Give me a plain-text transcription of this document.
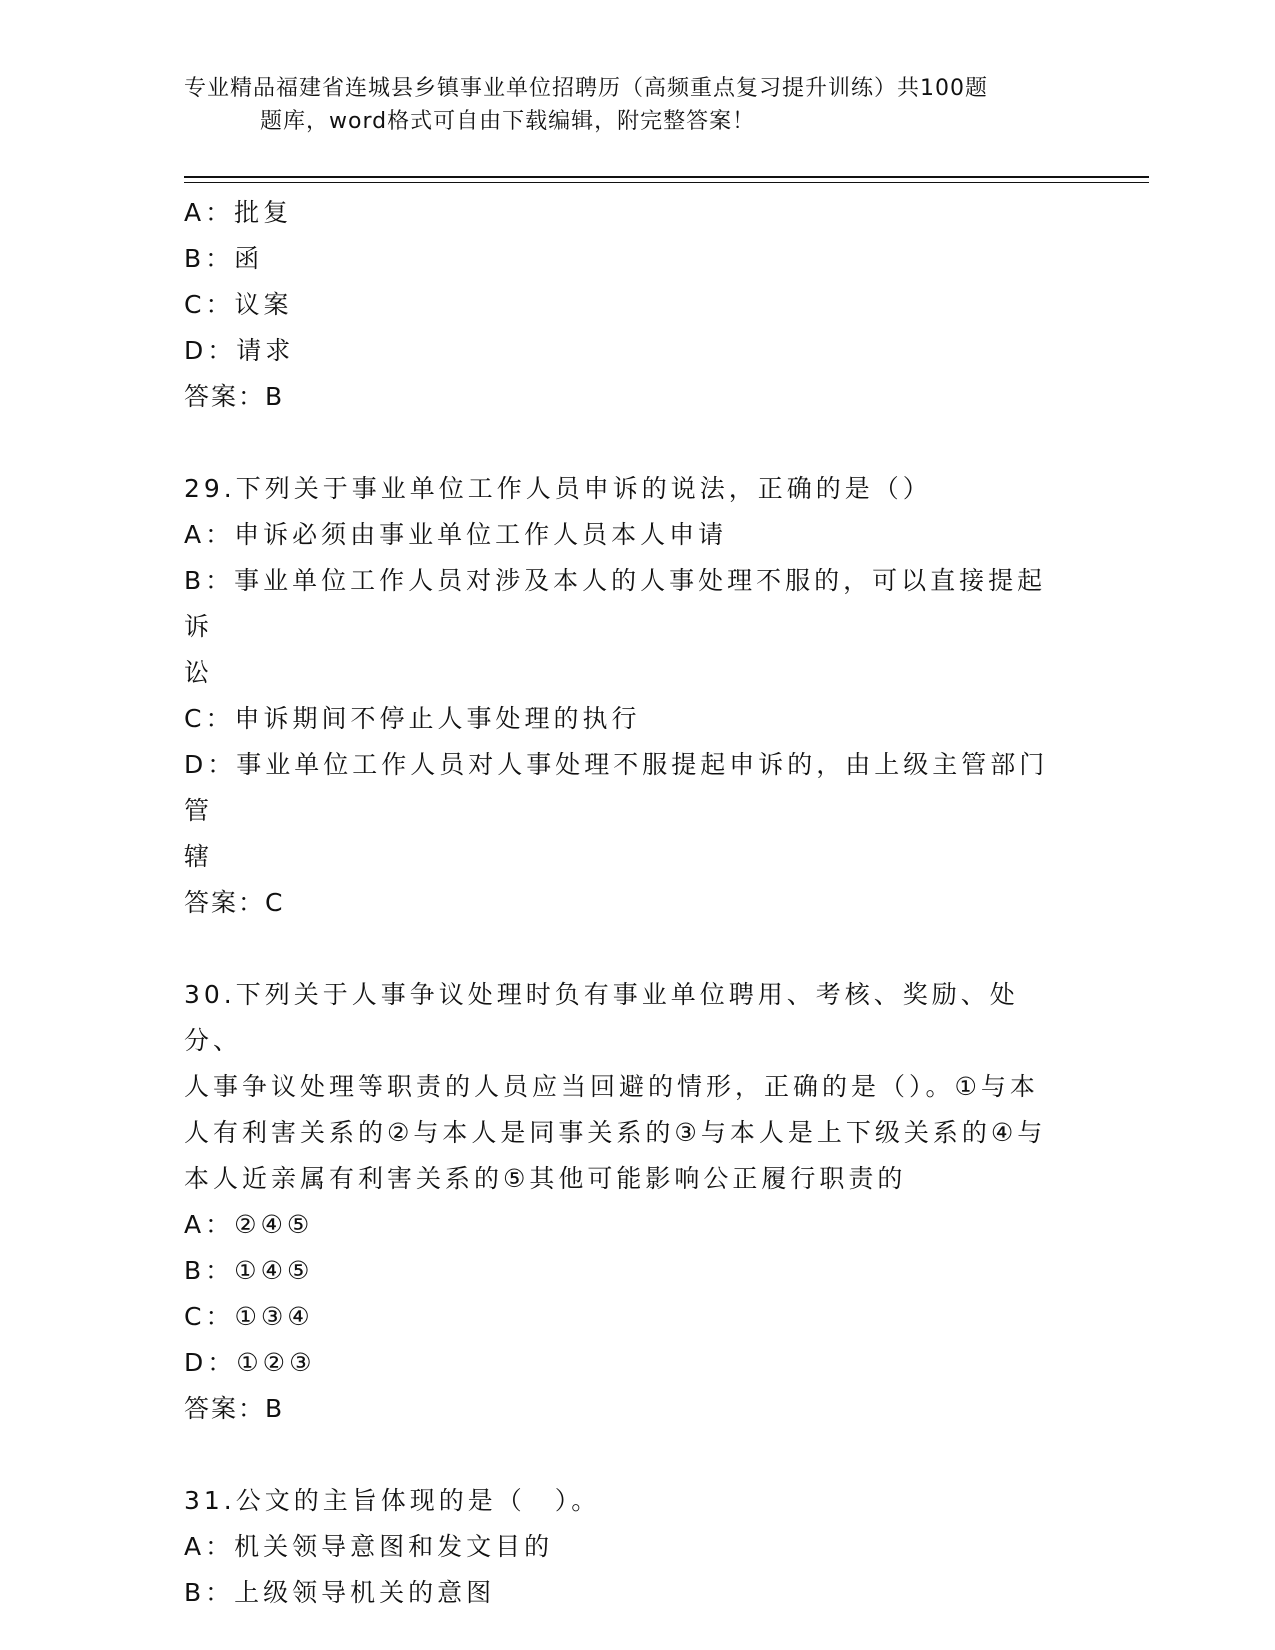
专业精品福建省连城县乡镇事业单位招聘历（高频重点复习提升训练）共100题
题库，word格式可自由下载编辑，附完整答案！
A：批复
B：函
C：议案
D：请求
答案：B
29.下列关于事业单位工作人员申诉的说法，正确的是（）
A：申诉必须由事业单位工作人员本人申请
B：事业单位工作人员对涉及本人的人事处理不服的，可以直接提起诉
讼
C：申诉期间不停止人事处理的执行
D：事业单位工作人员对人事处理不服提起申诉的，由上级主管部门管
辖
答案：C
30.下列关于人事争议处理时负有事业单位聘用、考核、奖励、处分、
人事争议处理等职责的人员应当回避的情形，正确的是（）。①与本
人有利害关系的②与本人是同事关系的③与本人是上下级关系的④与
本人近亲属有利害关系的⑤其他可能影响公正履行职责的
A：②④⑤
B：①④⑤
C：①③④
D：①②③
答案：B
31.公文的主旨体现的是（　）。
A：机关领导意图和发文目的
B：上级领导机关的意图
